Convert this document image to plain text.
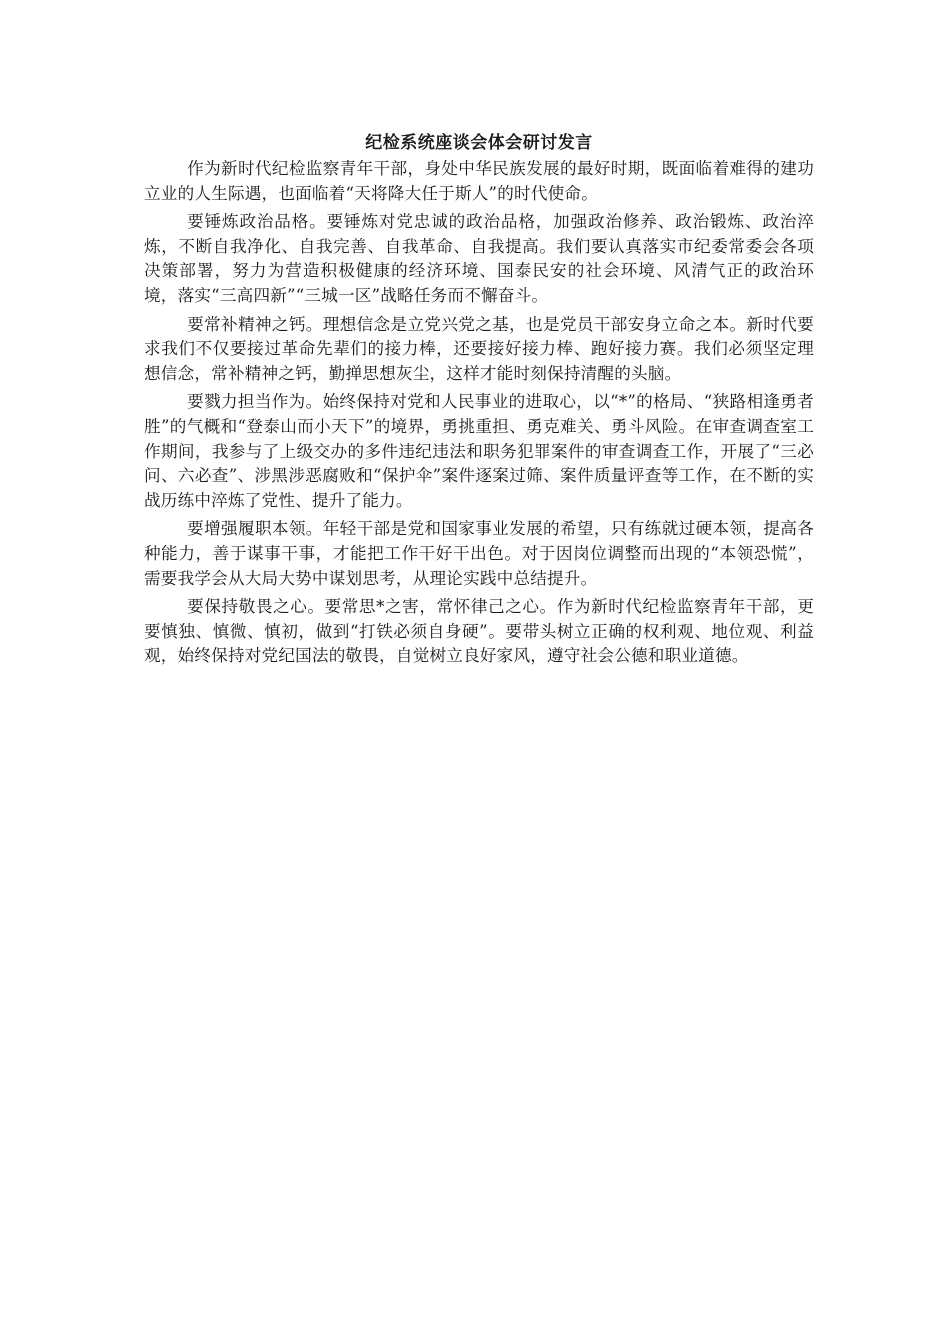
纪检系统座谈会体会研讨发言

作为新时代纪检监察青年干部，身处中华民族发展的最好时期，既面临着难得的建功立业的人生际遇，也面临着“天将降大任于斯人”的时代使命。

要锤炼政治品格。要锤炼对党忠诚的政治品格，加强政治修养、政治锻炼、政治淬炼，不断自我净化、自我完善、自我革命、自我提高。我们要认真落实市纪委常委会各项决策部署，努力为营造积极健康的经济环境、国泰民安的社会环境、风清气正的政治环境，落实“三高四新”“三城一区”战略任务而不懈奋斗。

要常补精神之钙。理想信念是立党兴党之基，也是党员干部安身立命之本。新时代要求我们不仅要接过革命先辈们的接力棒，还要接好接力棒、跑好接力赛。我们必须坚定理想信念，常补精神之钙，勤掸思想灰尘，这样才能时刻保持清醒的头脑。

要戮力担当作为。始终保持对党和人民事业的进取心，以“*”的格局、“狭路相逢勇者胜”的气概和“登泰山而小天下”的境界，勇挑重担、勇克难关、勇斗风险。在审查调查室工作期间，我参与了上级交办的多件违纪违法和职务犯罪案件的审查调查工作，开展了“三必问、六必查”、涉黑涉恶腐败和“保护伞”案件逐案过筛、案件质量评查等工作，在不断的实战历练中淬炼了党性、提升了能力。

要增强履职本领。年轻干部是党和国家事业发展的希望，只有练就过硬本领，提高各种能力，善于谋事干事，才能把工作干好干出色。对于因岗位调整而出现的“本领恐慌”，需要我学会从大局大势中谋划思考，从理论实践中总结提升。

要保持敬畏之心。要常思*之害，常怀律己之心。作为新时代纪检监察青年干部，更要慎独、慎微、慎初，做到“打铁必须自身硬”。要带头树立正确的权利观、地位观、利益观，始终保持对党纪国法的敬畏，自觉树立良好家风，遵守社会公德和职业道德。
